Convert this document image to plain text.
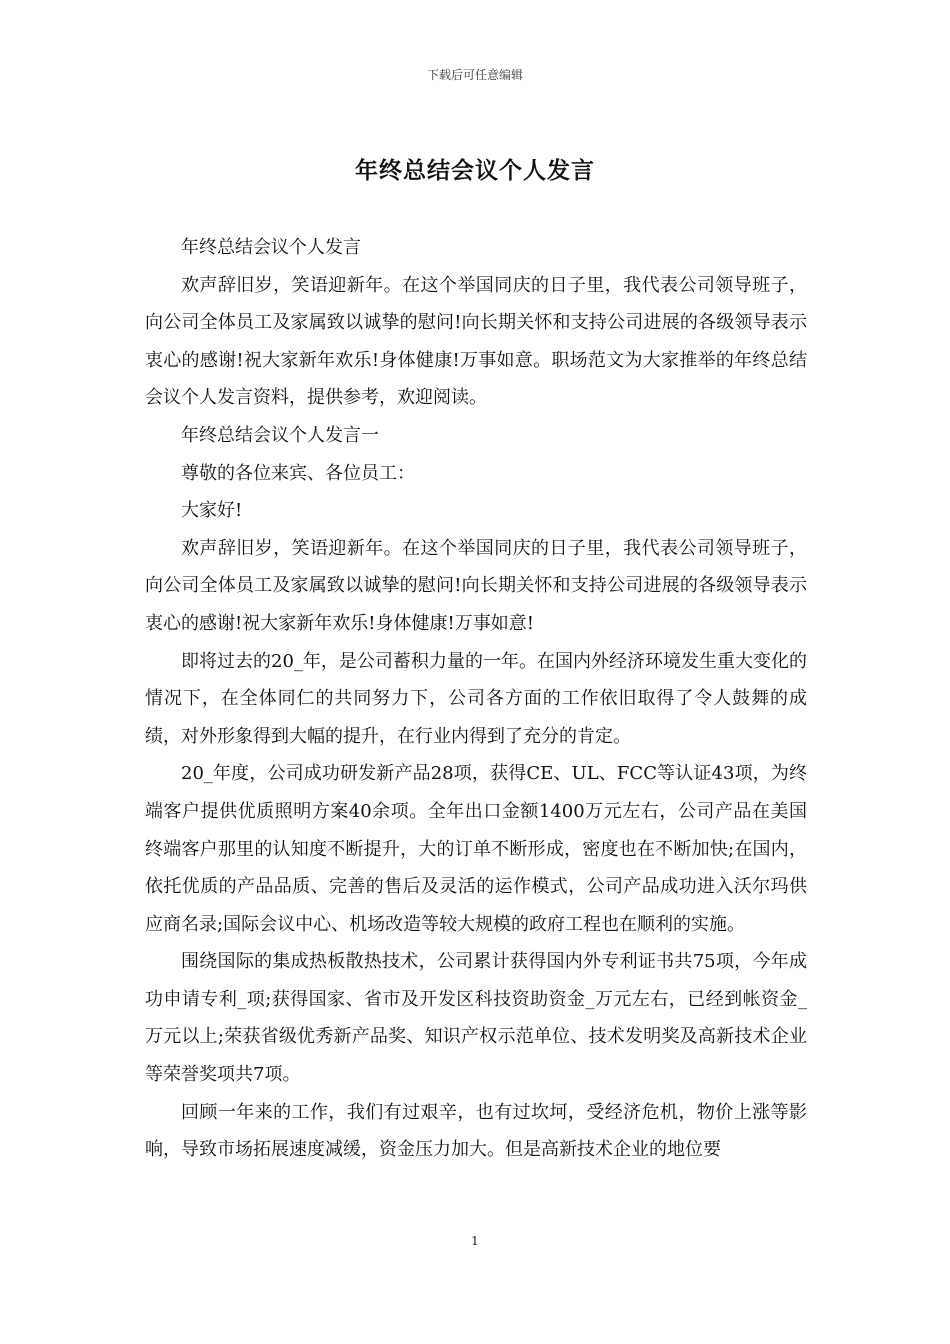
下载后可任意编辑
年终总结会议个人发言

年终总结会议个人发言

欢声辞旧岁，笑语迎新年。在这个举国同庆的日子里，我代表公司领导班子，向公司全体员工及家属致以诚挚的慰问!向长期关怀和支持公司进展的各级领导表示衷心的感谢!祝大家新年欢乐!身体健康!万事如意。职场范文为大家推举的年终总结会议个人发言资料，提供参考，欢迎阅读。

年终总结会议个人发言一

尊敬的各位来宾、各位员工：

大家好!

欢声辞旧岁，笑语迎新年。在这个举国同庆的日子里，我代表公司领导班子，向公司全体员工及家属致以诚挚的慰问!向长期关怀和支持公司进展的各级领导表示衷心的感谢!祝大家新年欢乐!身体健康!万事如意!

即将过去的20_年，是公司蓄积力量的一年。在国内外经济环境发生重大变化的情况下，在全体同仁的共同努力下，公司各方面的工作依旧取得了令人鼓舞的成绩，对外形象得到大幅的提升，在行业内得到了充分的肯定。

20_年度，公司成功研发新产品28项，获得CE、UL、FCC等认证43项，为终端客户提供优质照明方案40余项。全年出口金额1400万元左右，公司产品在美国终端客户那里的认知度不断提升，大的订单不断形成，密度也在不断加快;在国内，依托优质的产品品质、完善的售后及灵活的运作模式，公司产品成功进入沃尔玛供应商名录;国际会议中心、机场改造等较大规模的政府工程也在顺利的实施。

围绕国际的集成热板散热技术，公司累计获得国内外专利证书共75项，今年成功申请专利_项;获得国家、省市及开发区科技资助资金_万元左右，已经到帐资金_万元以上;荣获省级优秀新产品奖、知识产权示范单位、技术发明奖及高新技术企业等荣誉奖项共7项。

回顾一年来的工作，我们有过艰辛，也有过坎坷，受经济危机，物价上涨等影响，导致市场拓展速度减缓，资金压力加大。但是高新技术企业的地位要

1
